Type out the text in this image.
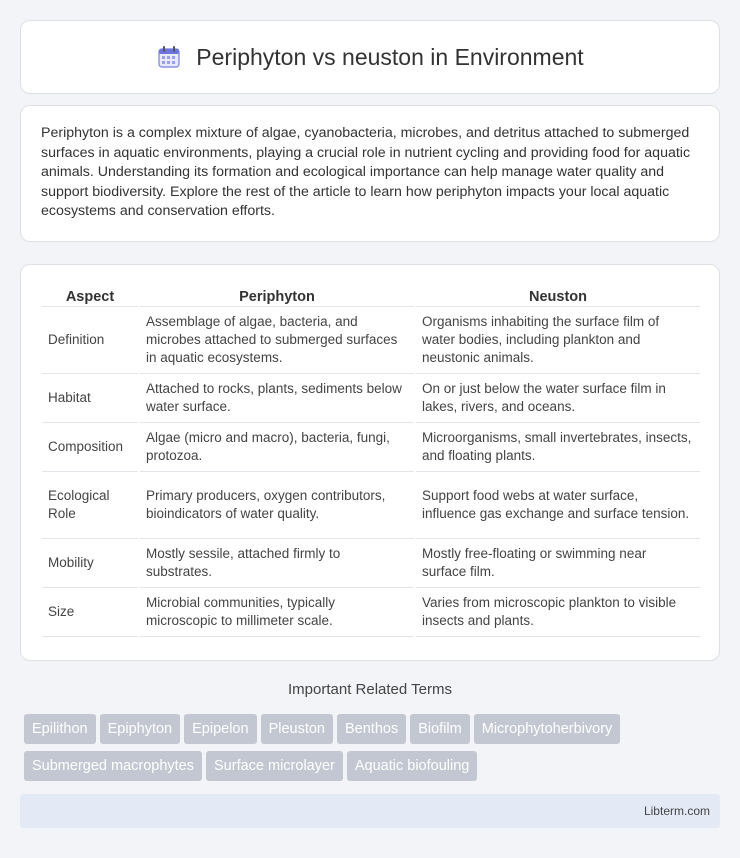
Periphyton vs neuston in Environment

Periphyton is a complex mixture of algae, cyanobacteria, microbes, and detritus attached to submerged surfaces in aquatic environments, playing a crucial role in nutrient cycling and providing food for aquatic animals. Understanding its formation and ecological importance can help manage water quality and support biodiversity. Explore the rest of the article to learn how periphyton impacts your local aquatic ecosystems and conservation efforts.

Aspect	Periphyton	Neuston
Definition	Assemblage of algae, bacteria, and microbes attached to submerged surfaces in aquatic ecosystems.	Organisms inhabiting the surface film of water bodies, including plankton and neustonic animals.
Habitat	Attached to rocks, plants, sediments below water surface.	On or just below the water surface film in lakes, rivers, and oceans.
Composition	Algae (micro and macro), bacteria, fungi, protozoa.	Microorganisms, small invertebrates, insects, and floating plants.
Ecological Role	Primary producers, oxygen contributors, bioindicators of water quality.	Support food webs at water surface, influence gas exchange and surface tension.
Mobility	Mostly sessile, attached firmly to substrates.	Mostly free-floating or swimming near surface film.
Size	Microbial communities, typically microscopic to millimeter scale.	Varies from microscopic plankton to visible insects and plants.
Important Related Terms
Epilithon Epiphyton Epipelon Pleuston Benthos Biofilm MicrophytoherbivorySubmerged macrophytes Surface microlayer Aquatic biofouling
Libterm.com
